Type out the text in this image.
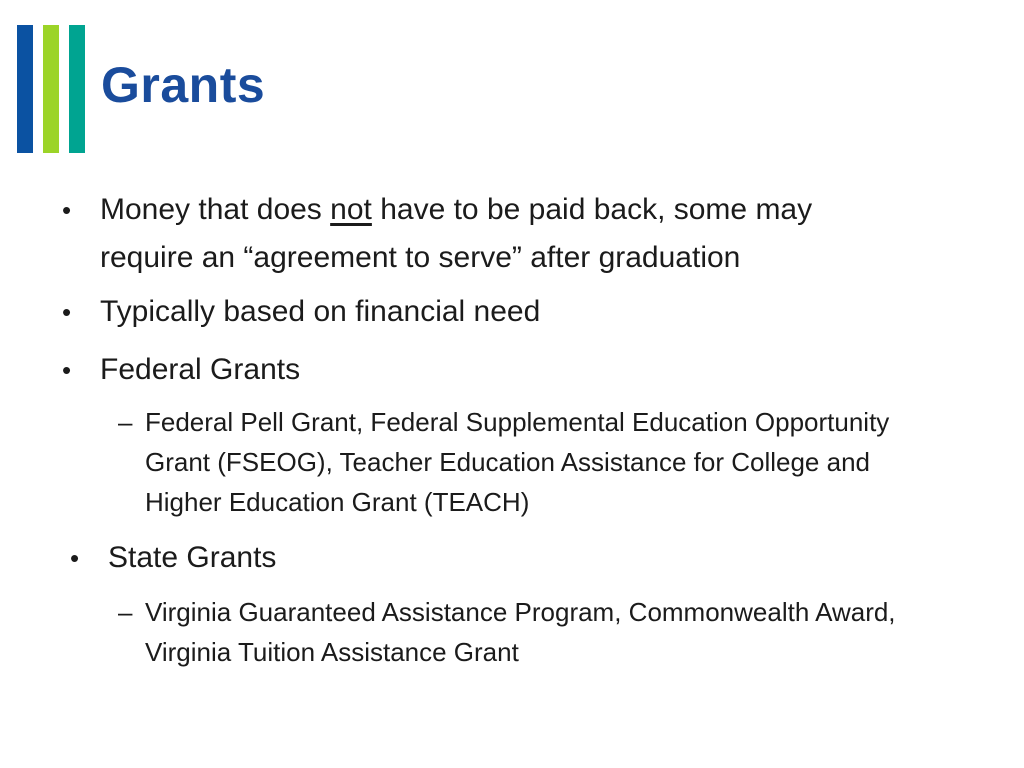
Grants
• Money that does not have to be paid back, some may require an “agreement to serve” after graduation
• Typically based on financial need
• Federal Grants
– Federal Pell Grant, Federal Supplemental Education Opportunity Grant (FSEOG), Teacher Education Assistance for College and Higher Education Grant (TEACH)
• State Grants
– Virginia Guaranteed Assistance Program, Commonwealth Award, Virginia Tuition Assistance Grant
